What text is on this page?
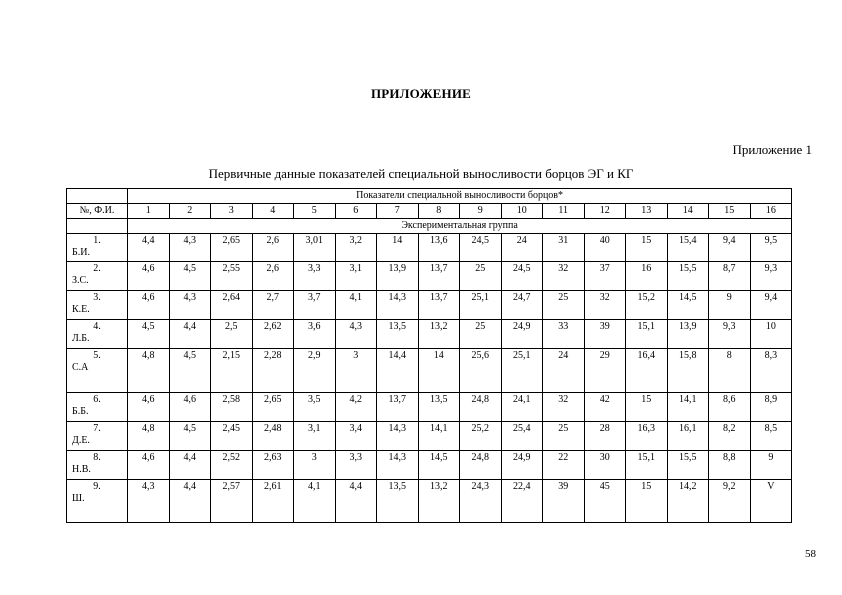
ПРИЛОЖЕНИЕ
Приложение 1
Первичные данные показателей специальной выносливости борцов ЭГ и КГ
	Показатели специальной выносливости борцов*															
№, Ф.И.	1	2	3	4	5	6	7	8	9	10	11	12	13	14	15	16
	Экспериментальная группа															

1.
Б.И.	4,4	4,3	2,65	2,6	3,01	3,2	14	13,6	24,5	24	31	40	15	15,4	9,4	9,5

2.
З.С.	4,6	4,5	2,55	2,6	3,3	3,1	13,9	13,7	25	24,5	32	37	16	15,5	8,7	9,3

3.
К.Е.	4,6	4,3	2,64	2,7	3,7	4,1	14,3	13,7	25,1	24,7	25	32	15,2	14,5	9	9,4

4.
Л.Б.	4,5	4,4	2,5	2,62	3,6	4,3	13,5	13,2	25	24,9	33	39	15,1	13,9	9,3	10

5.
С.А	4,8	4,5	2,15	2,28	2,9	3	14,4	14	25,6	25,1	24	29	16,4	15,8	8	8,3

6.
Б.Б.	4,6	4,6	2,58	2,65	3,5	4,2	13,7	13,5	24,8	24,1	32	42	15	14,1	8,6	8,9

7.
Д.Е.	4,8	4,5	2,45	2,48	3,1	3,4	14,3	14,1	25,2	25,4	25	28	16,3	16,1	8,2	8,5

8.
Н.В.	4,6	4,4	2,52	2,63	3	3,3	14,3	14,5	24,8	24,9	22	30	15,1	15,5	8,8	9

9.
Ш.	4,3	4,4	2,57	2,61	4,1	4,4	13,5	13,2	24,3	22,4	39	45	15	14,2	9,2	V
58
